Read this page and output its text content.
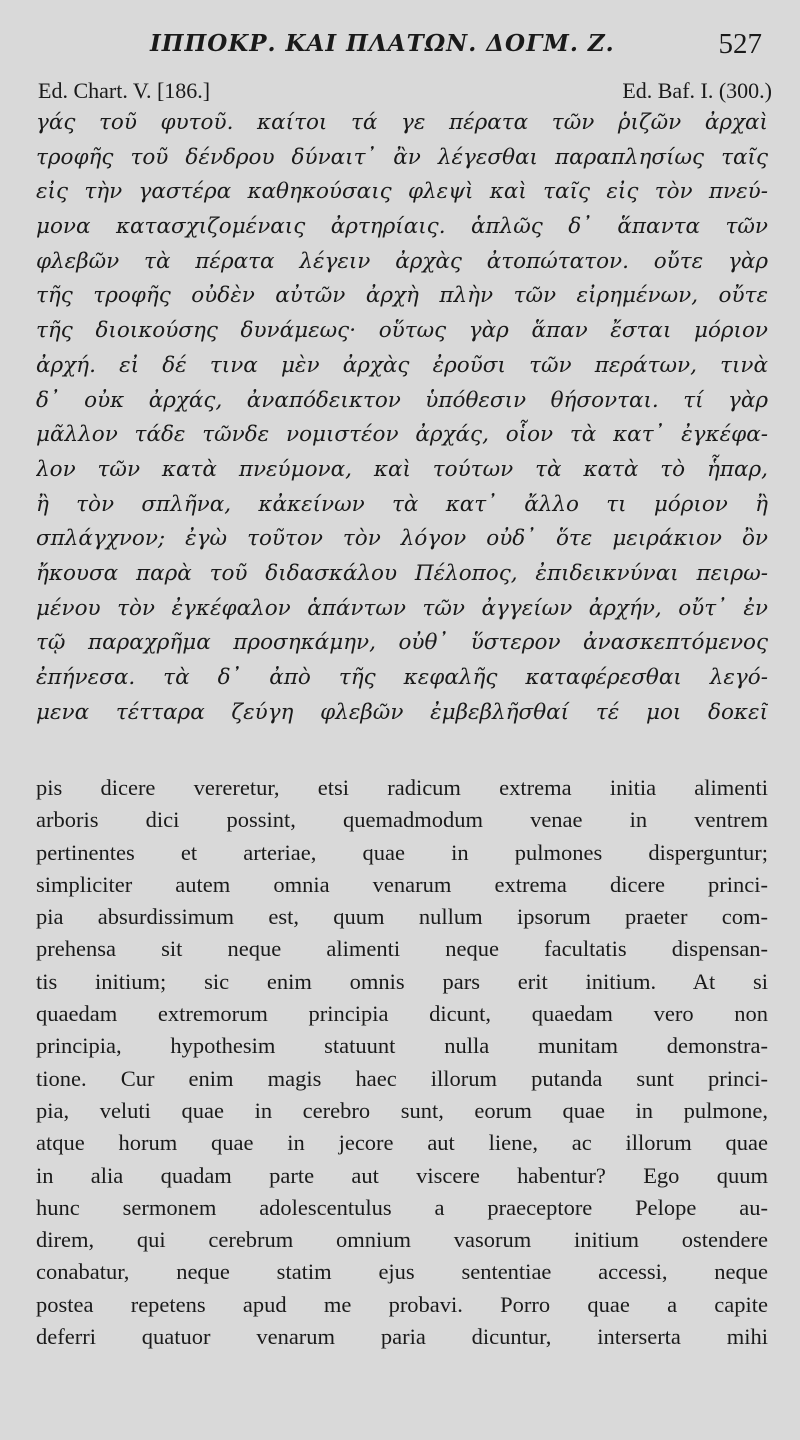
ΙΠΠΟΚΡ. ΚΑΙ ΠΛΑΤΩΝ. ΔΟΓΜ. Ζ.	527
Ed. Chart. V. [186.]	Ed. Baf. I. (300.)
γάς τοῦ φυτοῦ. καίτοι τά γε πέρατα τῶν ῥιζῶν ἀρχαὶ
τροφῆς τοῦ δένδρου δύναιτ᾽ ἂν λέγεσθαι παραπλησίως ταῖς
εἰς τὴν γαστέρα καθηκούσαις φλεψὶ καὶ ταῖς εἰς τὸν πνεύ-
μονα κατασχιζομέναις ἀρτηρίαις. ἁπλῶς δ᾽ ἅπαντα τῶν
φλεβῶν τὰ πέρατα λέγειν ἀρχὰς ἀτοπώτατον. οὔτε γὰρ
τῆς τροφῆς οὐδὲν αὐτῶν ἀρχὴ πλὴν τῶν εἰρημένων, οὔτε
τῆς διοικούσης δυνάμεως· οὕτως γὰρ ἅπαν ἔσται μόριον
ἀρχή. εἰ δέ τινα μὲν ἀρχὰς ἐροῦσι τῶν περάτων, τινὰ
δ᾽ οὐκ ἀρχάς, ἀναπόδεικτον ὑπόθεσιν θήσονται. τί γὰρ
μᾶλλον τάδε τῶνδε νομιστέον ἀρχάς, οἷον τὰ κατ᾽ ἐγκέφα-
λον τῶν κατὰ πνεύμονα, καὶ τούτων τὰ κατὰ τὸ ἧπαρ,
ἢ τὸν σπλῆνα, κἀκείνων τὰ κατ᾽ ἄλλο τι μόριον ἢ
σπλάγχνον; ἐγὼ τοῦτον τὸν λόγον οὐδ᾽ ὅτε μειράκιον ὂν
ἤκουσα παρὰ τοῦ διδασκάλου Πέλοπος, ἐπιδεικνύναι πειρω-
μένου τὸν ἐγκέφαλον ἁπάντων τῶν ἀγγείων ἀρχήν, οὔτ᾽ ἐν
τῷ παραχρῆμα προσηκάμην, οὐθ᾽ ὕστερον ἀνασκεπτόμενος
ἐπήνεσα. τὰ δ᾽ ἀπὸ τῆς κεφαλῆς καταφέρεσθαι λεγό-
μενα τέτταρα ζεύγη φλεβῶν ἐμβεβλῆσθαί τέ μοι δοκεῖ
pis dicere vereretur, etsi radicum extrema initia alimenti
arboris dici possint, quemadmodum venae in ventrem
pertinentes et arteriae, quae in pulmones disperguntur;
simpliciter autem omnia venarum extrema dicere princi-
pia absurdissimum est, quum nullum ipsorum praeter com-
prehensa sit neque alimenti neque facultatis dispensan-
tis initium; sic enim omnis pars erit initium. At si
quaedam extremorum principia dicunt, quaedam vero non
principia, hypothesim statuunt nulla munitam demonstra-
tione. Cur enim magis haec illorum putanda sunt princi-
pia, veluti quae in cerebro sunt, eorum quae in pulmone,
atque horum quae in jecore aut liene, ac illorum quae
in alia quadam parte aut viscere habentur? Ego quum
hunc sermonem adolescentulus a praeceptore Pelope au-
direm, qui cerebrum omnium vasorum initium ostendere
conabatur, neque statim ejus sententiae accessi, neque
postea repetens apud me probavi. Porro quae a capite
deferri quatuor venarum paria dicuntur, interserta mihi
